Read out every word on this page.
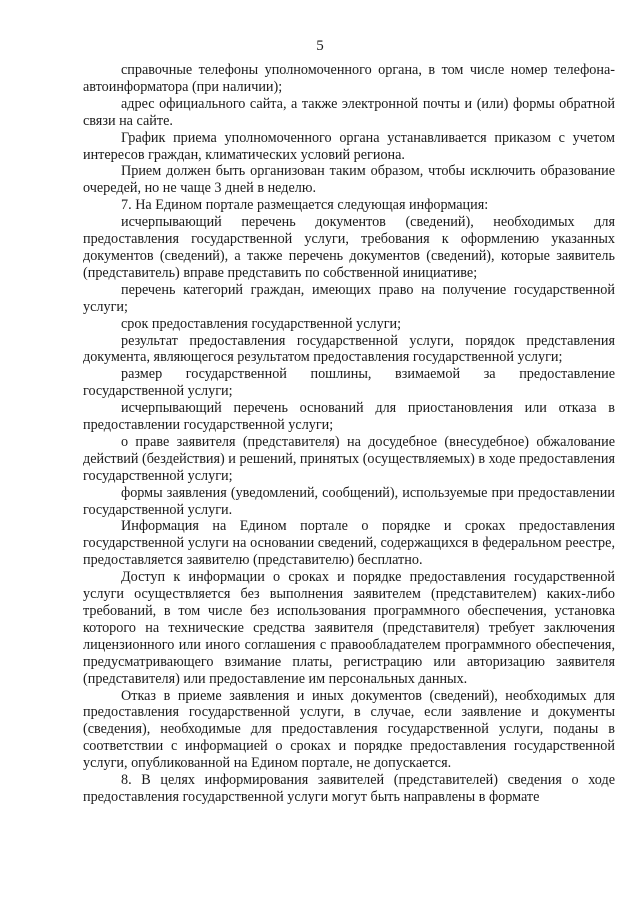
5

справочные телефоны уполномоченного органа, в том числе номер телефона-автоинформатора (при наличии);

адрес официального сайта, а также электронной почты и (или) формы обратной связи на сайте.

График приема уполномоченного органа устанавливается приказом с учетом интересов граждан, климатических условий региона.

Прием должен быть организован таким образом, чтобы исключить образование очередей, но не чаще 3 дней в неделю.

7. На Едином портале размещается следующая информация:

исчерпывающий перечень документов (сведений), необходимых для предоставления государственной услуги, требования к оформлению указанных документов (сведений), а также перечень документов (сведений), которые заявитель (представитель) вправе представить по собственной инициативе;

перечень категорий граждан, имеющих право на получение государственной услуги;

срок предоставления государственной услуги;

результат предоставления государственной услуги, порядок представления документа, являющегося результатом предоставления государственной услуги;

размер государственной пошлины, взимаемой за предоставление государственной услуги;

исчерпывающий перечень оснований для приостановления или отказа в предоставлении государственной услуги;

о праве заявителя (представителя) на досудебное (внесудебное) обжалование действий (бездействия) и решений, принятых (осуществляемых) в ходе предоставления государственной услуги;

формы заявления (уведомлений, сообщений), используемые при предоставлении государственной услуги.

Информация на Едином портале о порядке и сроках предоставления государственной услуги на основании сведений, содержащихся в федеральном реестре, предоставляется заявителю (представителю) бесплатно.

Доступ к информации о сроках и порядке предоставления государственной услуги осуществляется без выполнения заявителем (представителем) каких-либо требований, в том числе без использования программного обеспечения, установка которого на технические средства заявителя (представителя) требует заключения лицензионного или иного соглашения с правообладателем программного обеспечения, предусматривающего взимание платы, регистрацию или авторизацию заявителя (представителя) или предоставление им персональных данных.

Отказ в приеме заявления и иных документов (сведений), необходимых для предоставления государственной услуги, в случае, если заявление и документы (сведения), необходимые для предоставления государственной услуги, поданы в соответствии с информацией о сроках и порядке предоставления государственной услуги, опубликованной на Едином портале, не допускается.

8. В целях информирования заявителей (представителей) сведения о ходе предоставления государственной услуги могут быть направлены в формате
